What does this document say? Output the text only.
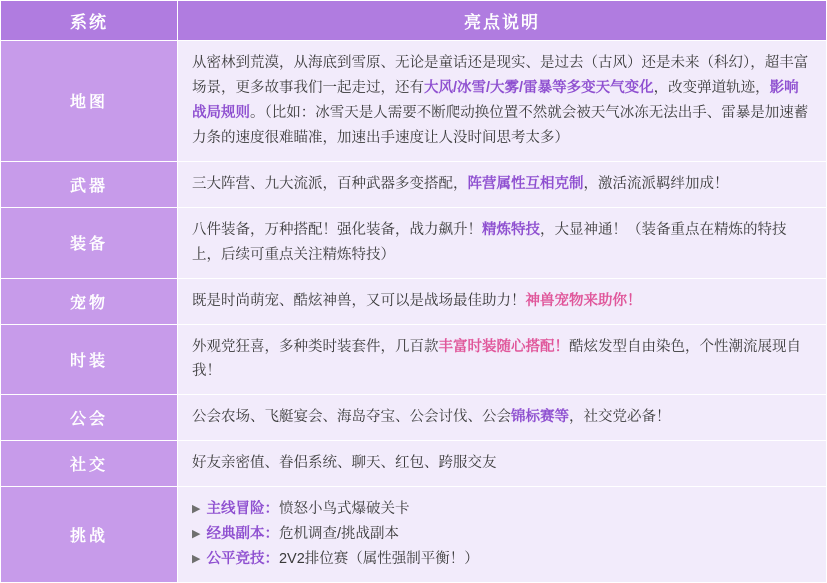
系统	亮点说明
地图	从密林到荒漠，从海底到雪原、无论是童话还是现实、是过去（古风）还是未来（科幻），超丰富场景，更多故事我们一起走过，还有大风/冰雪/大雾/雷暴等多变天气变化，改变弹道轨迹，影响战局规则。（比如：冰雪天是人需要不断爬动换位置不然就会被天气冰冻无法出手、雷暴是加速蓄力条的速度很难瞄准，加速出手速度让人没时间思考太多）
武器	三大阵营、九大流派，百种武器多变搭配，阵营属性互相克制，激活流派羁绊加成！
装备	八件装备，万种搭配！强化装备，战力飙升！精炼特技，大显神通！（装备重点在精炼的特技上，后续可重点关注精炼特技）
宠物	既是时尚萌宠、酷炫神兽，又可以是战场最佳助力！神兽宠物来助你！
时装	外观党狂喜，多种类时装套件，几百款丰富时装随心搭配！酷炫发型自由染色，个性潮流展现自我！
公会	公会农场、飞艇宴会、海岛夺宝、公会讨伐、公会锦标赛等，社交党必备！
社交	好友亲密值、眷侣系统、聊天、红包、跨服交友
挑战	▶ 主线冒险：愤怒小鸟式爆破关卡
▶ 经典副本：危机调查/挑战副本
▶ 公平竞技：2V2排位赛（属性强制平衡！）
